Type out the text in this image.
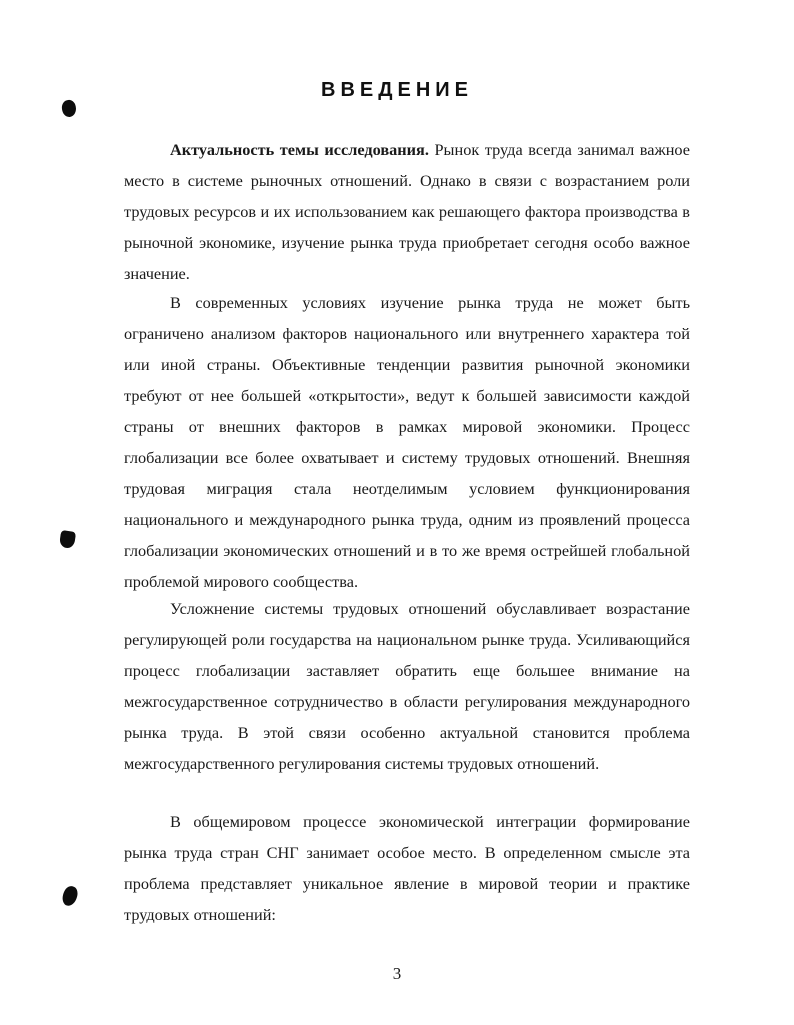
ВВЕДЕНИЕ

Актуальность темы исследования. Рынок труда всегда занимал важное место в системе рыночных отношений. Однако в связи с возрастанием роли трудовых ресурсов и их использованием как решающего фактора производства в рыночной экономике, изучение рынка труда приобретает сегодня особо важное значение.

В современных условиях изучение рынка труда не может быть ограничено анализом факторов национального или внутреннего характера той или иной страны. Объективные тенденции развития рыночной экономики требуют от нее большей «открытости», ведут к большей зависимости каждой страны от внешних факторов в рамках мировой экономики. Процесс глобализации все более охватывает и систему трудовых отношений. Внешняя трудовая миграция стала неотделимым условием функционирования национального и международного рынка труда, одним из проявлений процесса глобализации экономических отношений и в то же время острейшей глобальной проблемой мирового сообщества.

Усложнение системы трудовых отношений обуславливает возрастание регулирующей роли государства на национальном рынке труда. Усиливающийся процесс глобализации заставляет обратить еще большее внимание на межгосударственное сотрудничество в области регулирования международного рынка труда. В этой связи особенно актуальной становится проблема межгосударственного регулирования системы трудовых отношений.

В общемировом процессе экономической интеграции формирование рынка труда стран СНГ занимает особое место. В определенном смысле эта проблема представляет уникальное явление в мировой теории и практике трудовых отношений:

3
